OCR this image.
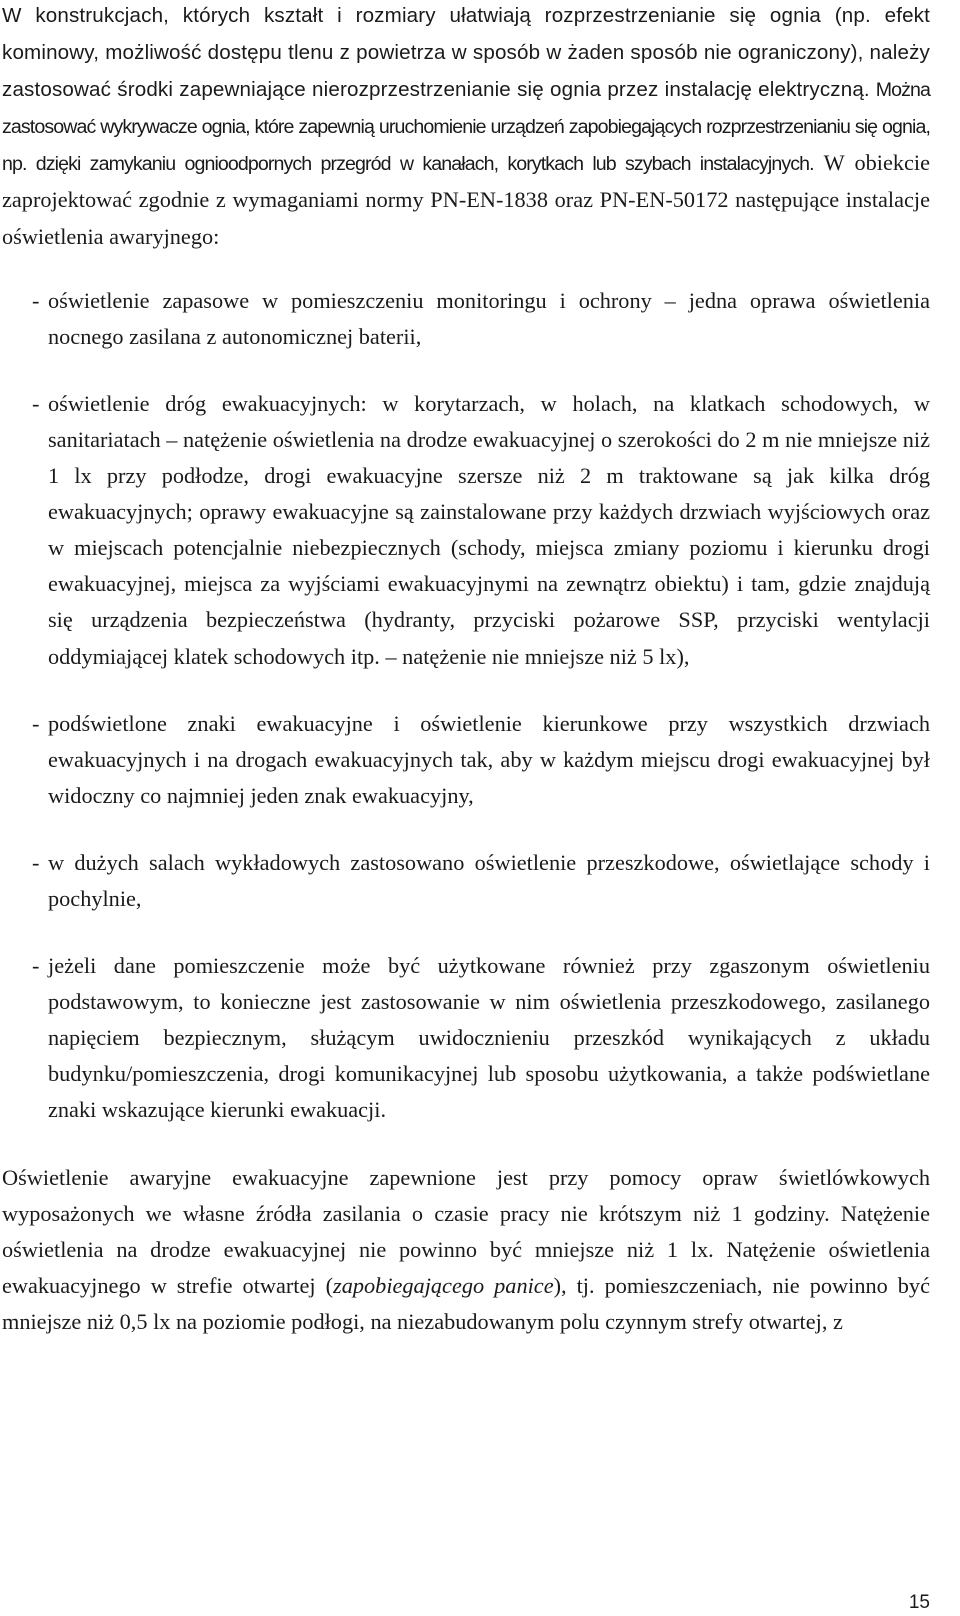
W konstrukcjach, których kształt i rozmiary ułatwiają rozprzestrzenianie się ognia (np. efekt kominowy, możliwość dostępu tlenu z powietrza w sposób w żaden sposób nie ograniczony), należy zastosować środki zapewniające nierozprzestrzenianie się ognia przez instalację elektryczną. Można zastosować wykrywacze ognia, które zapewnią uruchomienie urządzeń zapobiegających rozprzestrzenianiu się ognia, np. dzięki zamykaniu ognioodpornych przegród w kanałach, korytkach lub szybach instalacyjnych. W obiekcie zaprojektować zgodnie z wymaganiami normy PN-EN-1838 oraz PN-EN-50172 następujące instalacje oświetlenia awaryjnego:

- oświetlenie zapasowe w pomieszczeniu monitoringu i ochrony – jedna oprawa oświetlenia nocnego zasilana z autonomicznej baterii,
- oświetlenie dróg ewakuacyjnych: w korytarzach, w holach, na klatkach schodowych, w sanitariatach – natężenie oświetlenia na drodze ewakuacyjnej o szerokości do 2 m nie mniejsze niż 1 lx przy podłodze, drogi ewakuacyjne szersze niż 2 m traktowane są jak kilka dróg ewakuacyjnych; oprawy ewakuacyjne są zainstalowane przy każdych drzwiach wyjściowych oraz w miejscach potencjalnie niebezpiecznych (schody, miejsca zmiany poziomu i kierunku drogi ewakuacyjnej, miejsca za wyjściami ewakuacyjnymi na zewnątrz obiektu) i tam, gdzie znajdują się urządzenia bezpieczeństwa (hydranty, przyciski pożarowe SSP, przyciski wentylacji oddymiającej klatek schodowych itp. – natężenie nie mniejsze niż 5 lx),
- podświetlone znaki ewakuacyjne i oświetlenie kierunkowe przy wszystkich drzwiach ewakuacyjnych i na drogach ewakuacyjnych tak, aby w każdym miejscu drogi ewakuacyjnej był widoczny co najmniej jeden znak ewakuacyjny,
- w dużych salach wykładowych zastosowano oświetlenie przeszkodowe, oświetlające schody i pochylnie,
- jeżeli dane pomieszczenie może być użytkowane również przy zgaszonym oświetleniu podstawowym, to konieczne jest zastosowanie w nim oświetlenia przeszkodowego, zasilanego napięciem bezpiecznym, służącym uwidocznieniu przeszkód wynikających z układu budynku/pomieszczenia, drogi komunikacyjnej lub sposobu użytkowania, a także podświetlane znaki wskazujące kierunki ewakuacji.

Oświetlenie awaryjne ewakuacyjne zapewnione jest przy pomocy opraw świetlówkowych wyposażonych we własne źródła zasilania o czasie pracy nie krótszym niż 1 godziny. Natężenie oświetlenia na drodze ewakuacyjnej nie powinno być mniejsze niż 1 lx. Natężenie oświetlenia ewakuacyjnego w strefie otwartej (zapobiegającego panice), tj. pomieszczeniach, nie powinno być mniejsze niż 0,5 lx na poziomie podłogi, na niezabudowanym polu czynnym strefy otwartej, z

15
